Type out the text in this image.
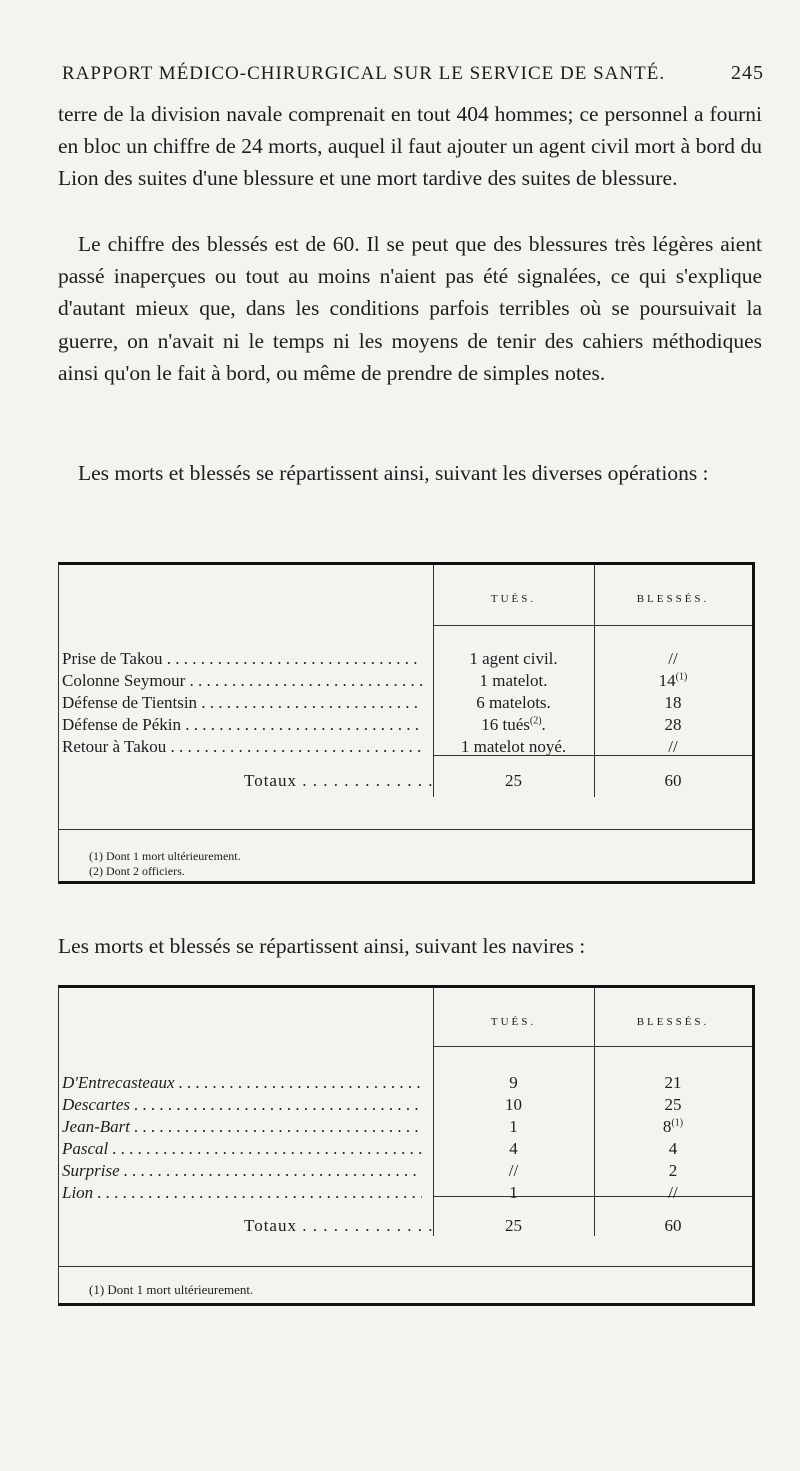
RAPPORT MÉDICO-CHIRURGICAL SUR LE SERVICE DE SANTÉ.	245
terre de la division navale comprenait en tout 404 hommes; ce personnel a fourni en bloc un chiffre de 24 morts, auquel il faut ajouter un agent civil mort à bord du Lion des suites d'une blessure et une mort tardive des suites de blessure.
Le chiffre des blessés est de 60. Il se peut que des blessures très légères aient passé inaperçues ou tout au moins n'aient pas été signalées, ce qui s'explique d'autant mieux que, dans les conditions parfois terribles où se poursuivait la guerre, on n'avait ni le temps ni les moyens de tenir des cahiers méthodiques ainsi qu'on le fait à bord, ou même de prendre de simples notes.
Les morts et blessés se répartissent ainsi, suivant les diverses opérations :
TUÉS.	BLESSÉS.
Prise de Takou . . .	1 agent civil.	//
Colonne Seymour . . .	1 matelot.	14$^{(1)}$
Défense de Tientsin . . .	6 matelots.	18
Défense de Pékin . . .	16 tués$^{(2)}$.	28
Retour à Takou . . .	1 matelot noyé.	//
Totaux . . .	25	60
(1) Dont 1 mort ultérieurement.
(2) Dont 2 officiers.
Les morts et blessés se répartissent ainsi, suivant les navires :
TUÉS.	BLESSÉS.
D'Entrecasteaux . . .	9	21
Descartes . . .	10	25
Jean-Bart . . .	1	8$^{(1)}$
Pascal . . .	4	4
Surprise . . .	//	2
Lion . . .	1	//
Totaux . . .	25	60
(1) Dont 1 mort ultérieurement.
